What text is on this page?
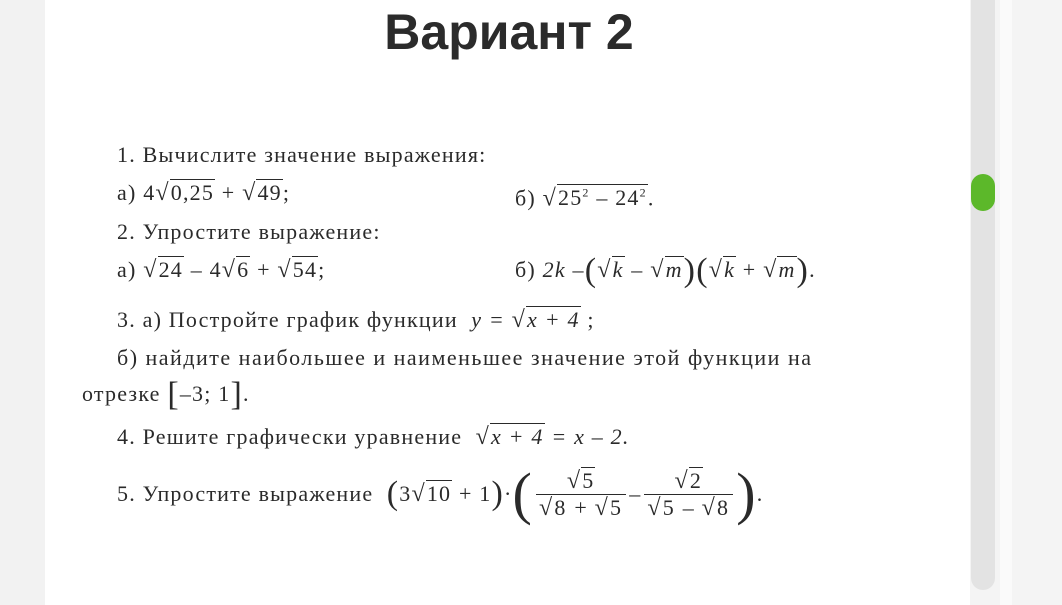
Вариант 2
1. Вычислите значение выражения:
а) 4√0,25 + √49;	б) $√25^2 - 24^2$.
2. Упростите выражение:
а) √24 – 4√6 + √54;	б) 2k –(√k – √m)(√k + √m).
3. а) Постройте график функции y = √x + 4 ;
б) найдите наибольшее и наименьшее значение этой функции на
отрезке [–3; 1].
4. Решите графически уравнение √x + 4 = x – 2.
5. Упростите выражение
( 3 √10
+ 1 ) · ( $\frac{√5}{√8 + √5} - \frac{√2}{√5 - √8}$ ) .
